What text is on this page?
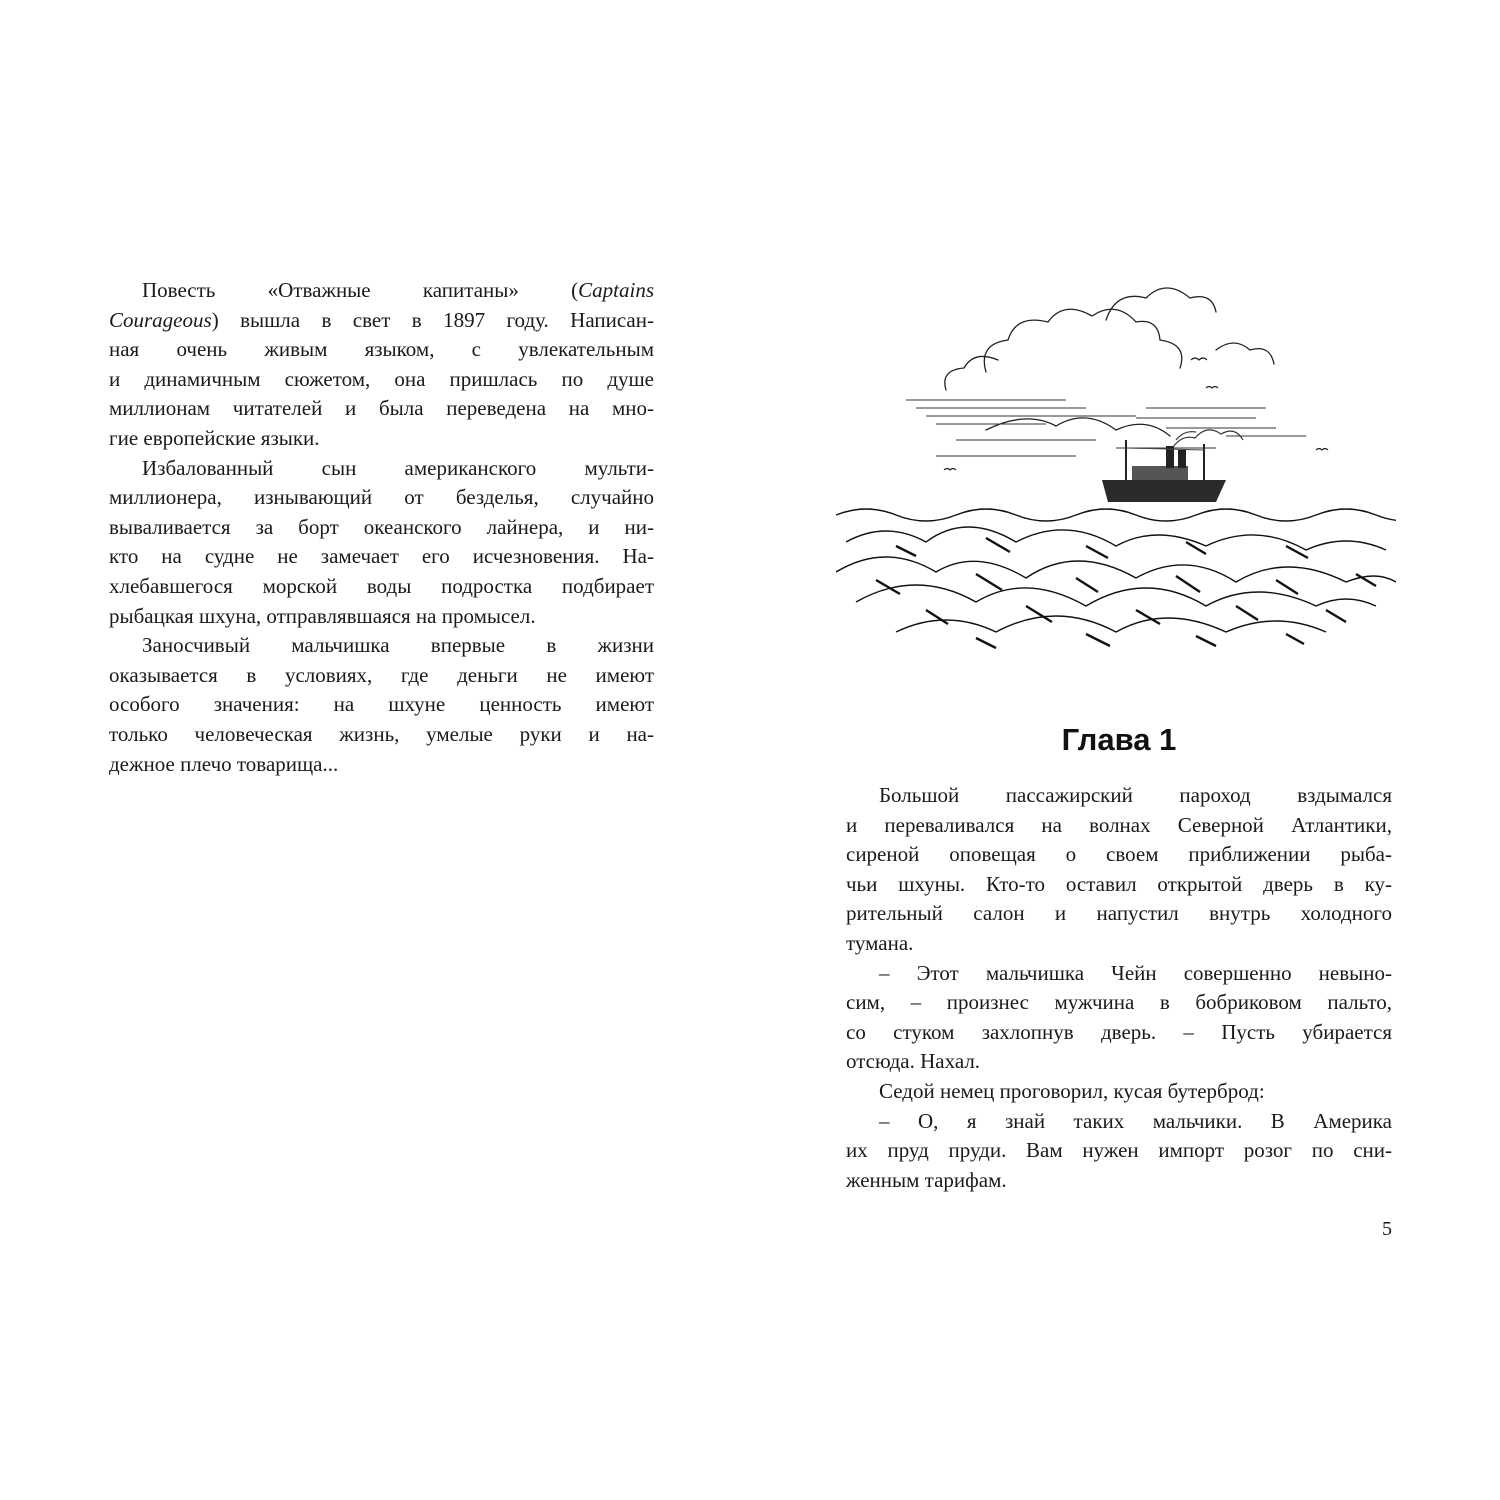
Повесть «Отважные капитаны» (Captains
Courageous) вышла в свет в 1897 году. Написан-
ная очень живым языком, с увлекательным
и динамичным сюжетом, она пришлась по душе
миллионам читателей и была переведена на мно-
гие европейские языки.
Избалованный сын американского мульти-
миллионера, изнывающий от безделья, случайно
вываливается за борт океанского лайнера, и ни-
кто на судне не замечает его исчезновения. На-
хлебавшегося морской воды подростка подбирает
рыбацкая шхуна, отправлявшаяся на промысел.
Заносчивый мальчишка впервые в жизни
оказывается в условиях, где деньги не имеют
особого значения: на шхуне ценность имеют
только человеческая жизнь, умелые руки и на-
дежное плечо товарища...
Глава 1
Большой пассажирский пароход вздымался
и переваливался на волнах Северной Атлантики,
сиреной оповещая о своем приближении рыба-
чьи шхуны. Кто-то оставил открытой дверь в ку-
рительный салон и напустил внутрь холодного
тумана.
– Этот мальчишка Чейн совершенно невыно-
сим, – произнес мужчина в бобриковом пальто,
со стуком захлопнув дверь. – Пусть убирается
отсюда. Нахал.
Седой немец проговорил, кусая бутерброд:
– О, я знай таких мальчики. В Америка
их пруд пруди. Вам нужен импорт розог по сни-
женным тарифам.
5
